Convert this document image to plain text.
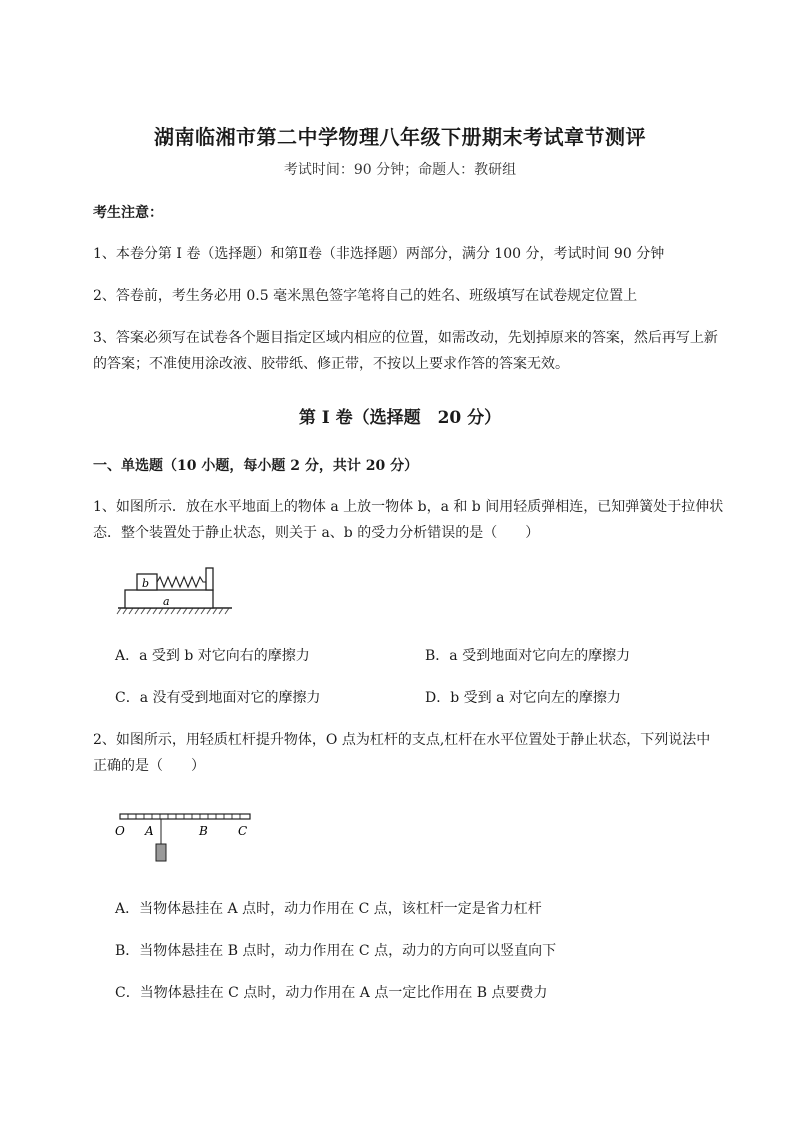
湖南临湘市第二中学物理八年级下册期末考试章节测评
考试时间：90 分钟；命题人：教研组
考生注意：
1、本卷分第 I 卷（选择题）和第Ⅱ卷（非选择题）两部分，满分 100 分，考试时间 90 分钟
2、答卷前，考生务必用 0.5 毫米黑色签字笔将自己的姓名、班级填写在试卷规定位置上
3、答案必须写在试卷各个题目指定区域内相应的位置，如需改动，先划掉原来的答案，然后再写上新
的答案；不准使用涂改液、胶带纸、修正带，不按以上要求作答的答案无效。
第 I 卷（选择题　20 分）
一、单选题（10 小题，每小题 2 分，共计 20 分）
1、如图所示．放在水平地面上的物体 a 上放一物体 b，a 和 b 间用轻质弹相连，已知弹簧处于拉伸状
态．整个装置处于静止状态，则关于 a、b 的受力分析错误的是（　　）
b
a
A．a 受到 b 对它向右的摩擦力	B．a 受到地面对它向左的摩擦力
C．a 没有受到地面对它的摩擦力	D．b 受到 a 对它向左的摩擦力
2、如图所示，用轻质杠杆提升物体，O 点为杠杆的支点,杠杆在水平位置处于静止状态，下列说法中
正确的是（　　）
O A	B	C
A．当物体悬挂在 A 点时，动力作用在 C 点，该杠杆一定是省力杠杆
B．当物体悬挂在 B 点时，动力作用在 C 点，动力的方向可以竖直向下
C．当物体悬挂在 C 点时，动力作用在 A 点一定比作用在 B 点要费力
